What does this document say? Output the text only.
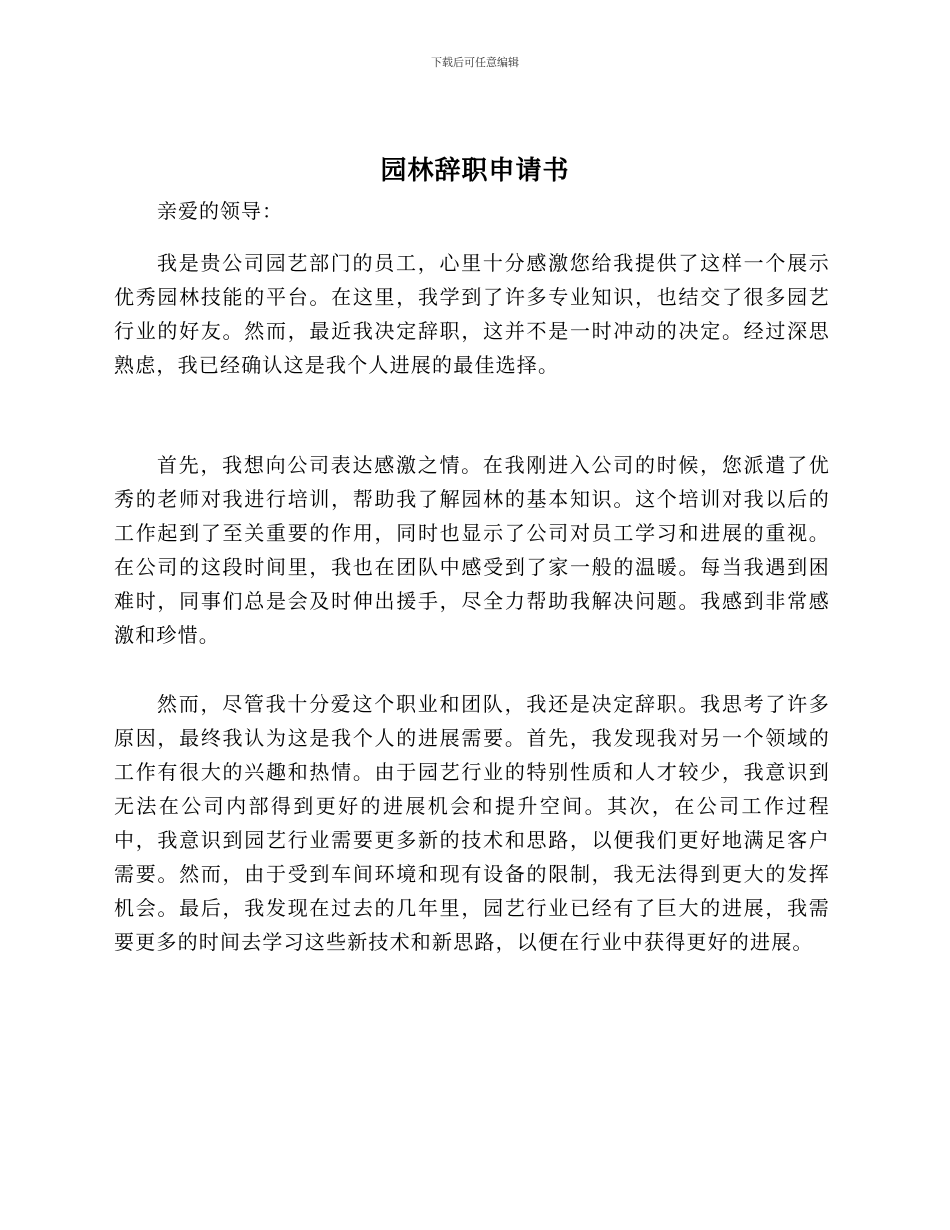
下载后可任意编辑
园林辞职申请书

亲爱的领导：

我是贵公司园艺部门的员工，心里十分感激您给我提供了这样一个展示优秀园林技能的平台。在这里，我学到了许多专业知识，也结交了很多园艺行业的好友。然而，最近我决定辞职，这并不是一时冲动的决定。经过深思熟虑，我已经确认这是我个人进展的最佳选择。

首先，我想向公司表达感激之情。在我刚进入公司的时候，您派遣了优秀的老师对我进行培训，帮助我了解园林的基本知识。这个培训对我以后的工作起到了至关重要的作用，同时也显示了公司对员工学习和进展的重视。在公司的这段时间里，我也在团队中感受到了家一般的温暖。每当我遇到困难时，同事们总是会及时伸出援手，尽全力帮助我解决问题。我感到非常感激和珍惜。

然而，尽管我十分爱这个职业和团队，我还是决定辞职。我思考了许多原因，最终我认为这是我个人的进展需要。首先，我发现我对另一个领域的工作有很大的兴趣和热情。由于园艺行业的特别性质和人才较少，我意识到无法在公司内部得到更好的进展机会和提升空间。其次，在公司工作过程中，我意识到园艺行业需要更多新的技术和思路，以便我们更好地满足客户需要。然而，由于受到车间环境和现有设备的限制，我无法得到更大的发挥机会。最后，我发现在过去的几年里，园艺行业已经有了巨大的进展，我需要更多的时间去学习这些新技术和新思路，以便在行业中获得更好的进展。
